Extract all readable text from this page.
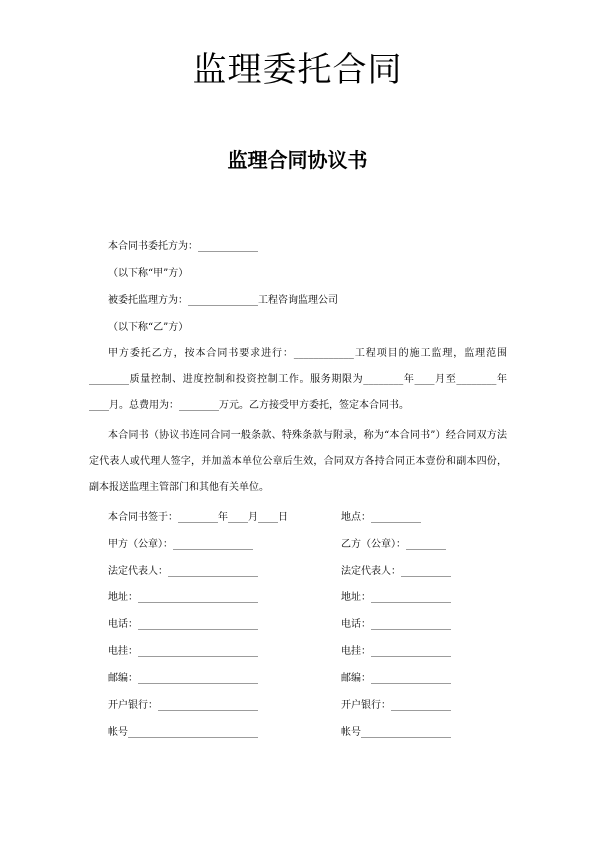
监理委托合同
监理合同协议书
本合同书委托方为：____________
（以下称“甲”方）
被委托监理方为：______________工程咨询监理公司
（以下称“乙”方）

甲方委托乙方，按本合同书要求进行：____________工程项目的施工监理，监理范围________质量控制、进度控制和投资控制工作。服务期限为________年____月至________年____月。总费用为：________万元。乙方接受甲方委托，签定本合同书。

本合同书（协议书连同合同一般条款、特殊条款与附录，称为“本合同书”）经合同双方法定代表人或代理人签字，并加盖本单位公章后生效，合同双方各持合同正本壹份和副本四份，副本报送监理主管部门和其他有关单位。

本合同书签于：________年____月____日
甲方（公章）：________________
法定代表人：__________________
地址：________________________
电话：________________________
电挂：________________________
邮编：________________________
开户银行：____________________
帐号__________________________
地点：__________
乙方（公章）：________
法定代表人：__________
地址：________________
电话：________________
电挂：________________
邮编：________________
开户银行：____________
帐号__________________
